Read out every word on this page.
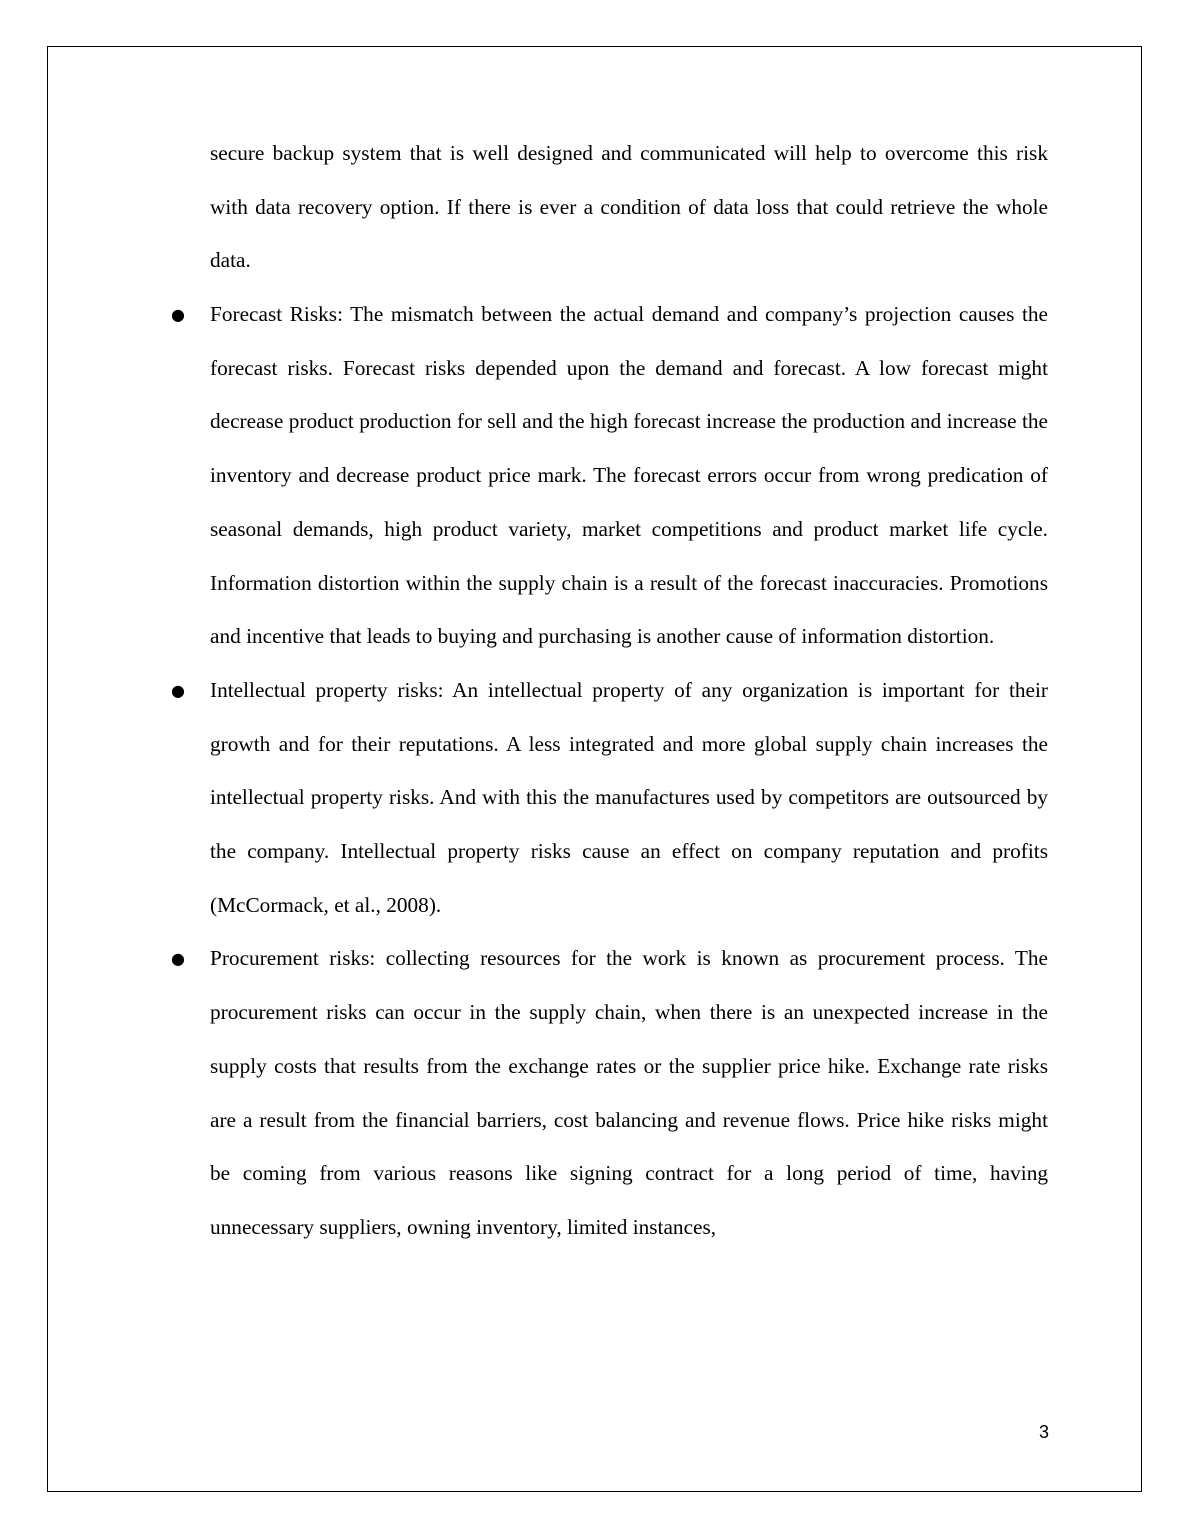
secure backup system that is well designed and communicated will help to overcome this risk with data recovery option. If there is ever a condition of data loss that could retrieve the whole data.

● Forecast Risks: The mismatch between the actual demand and company’s projection causes the forecast risks. Forecast risks depended upon the demand and forecast. A low forecast might decrease product production for sell and the high forecast increase the production and increase the inventory and decrease product price mark. The forecast errors occur from wrong predication of seasonal demands, high product variety, market competitions and product market life cycle. Information distortion within the supply chain is a result of the forecast inaccuracies. Promotions and incentive that leads to buying and purchasing is another cause of information distortion.
● Intellectual property risks: An intellectual property of any organization is important for their growth and for their reputations. A less integrated and more global supply chain increases the intellectual property risks. And with this the manufactures used by competitors are outsourced by the company. Intellectual property risks cause an effect on company reputation and profits (McCormack, et al., 2008).
● Procurement risks: collecting resources for the work is known as procurement process. The procurement risks can occur in the supply chain, when there is an unexpected increase in the supply costs that results from the exchange rates or the supplier price hike. Exchange rate risks are a result from the financial barriers, cost balancing and revenue flows. Price hike risks might be coming from various reasons like signing contract for a long period of time, having unnecessary suppliers, owning inventory, limited instances,
3
